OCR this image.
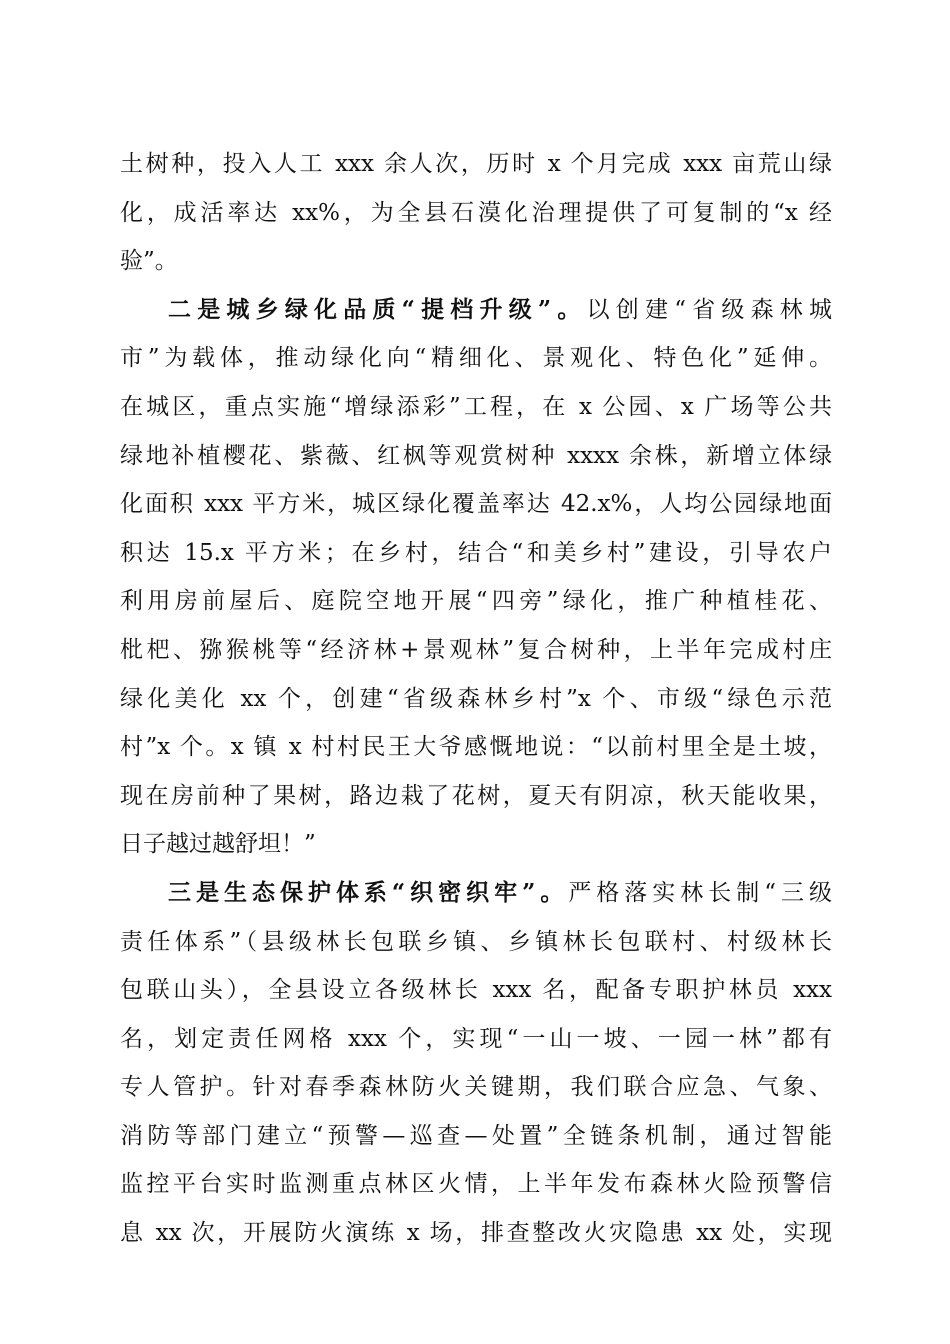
土树种，投入人工 xxx 余人次，历时 x 个月完成 xxx 亩荒山绿
化，成活率达 xx%，为全县石漠化治理提供了可复制的“x 经
验”。
二是城乡绿化品质“提档升级”。以创建“省级森林城
市”为载体，推动绿化向“精细化、景观化、特色化”延伸。
在城区，重点实施“增绿添彩”工程，在 x 公园、x 广场等公共
绿地补植樱花、紫薇、红枫等观赏树种 xxxx 余株，新增立体绿
化面积 xxx 平方米，城区绿化覆盖率达 42.x%，人均公园绿地面
积达 15.x 平方米；在乡村，结合“和美乡村”建设，引导农户
利用房前屋后、庭院空地开展“四旁”绿化，推广种植桂花、
枇杷、猕猴桃等“经济林+景观林”复合树种，上半年完成村庄
绿化美化 xx 个，创建“省级森林乡村”x 个、市级“绿色示范
村”x 个。x 镇 x 村村民王大爷感慨地说：“以前村里全是土坡，
现在房前种了果树，路边栽了花树，夏天有阴凉，秋天能收果，
日子越过越舒坦！”
三是生态保护体系“织密织牢”。严格落实林长制“三级
责任体系”（县级林长包联乡镇、乡镇林长包联村、村级林长
包联山头），全县设立各级林长 xxx 名，配备专职护林员 xxx
名，划定责任网格 xxx 个，实现“一山一坡、一园一林”都有
专人管护。针对春季森林防火关键期，我们联合应急、气象、
消防等部门建立“预警—巡查—处置”全链条机制，通过智能
监控平台实时监测重点林区火情，上半年发布森林火险预警信
息 xx 次，开展防火演练 x 场，排查整改火灾隐患 xx 处，实现
